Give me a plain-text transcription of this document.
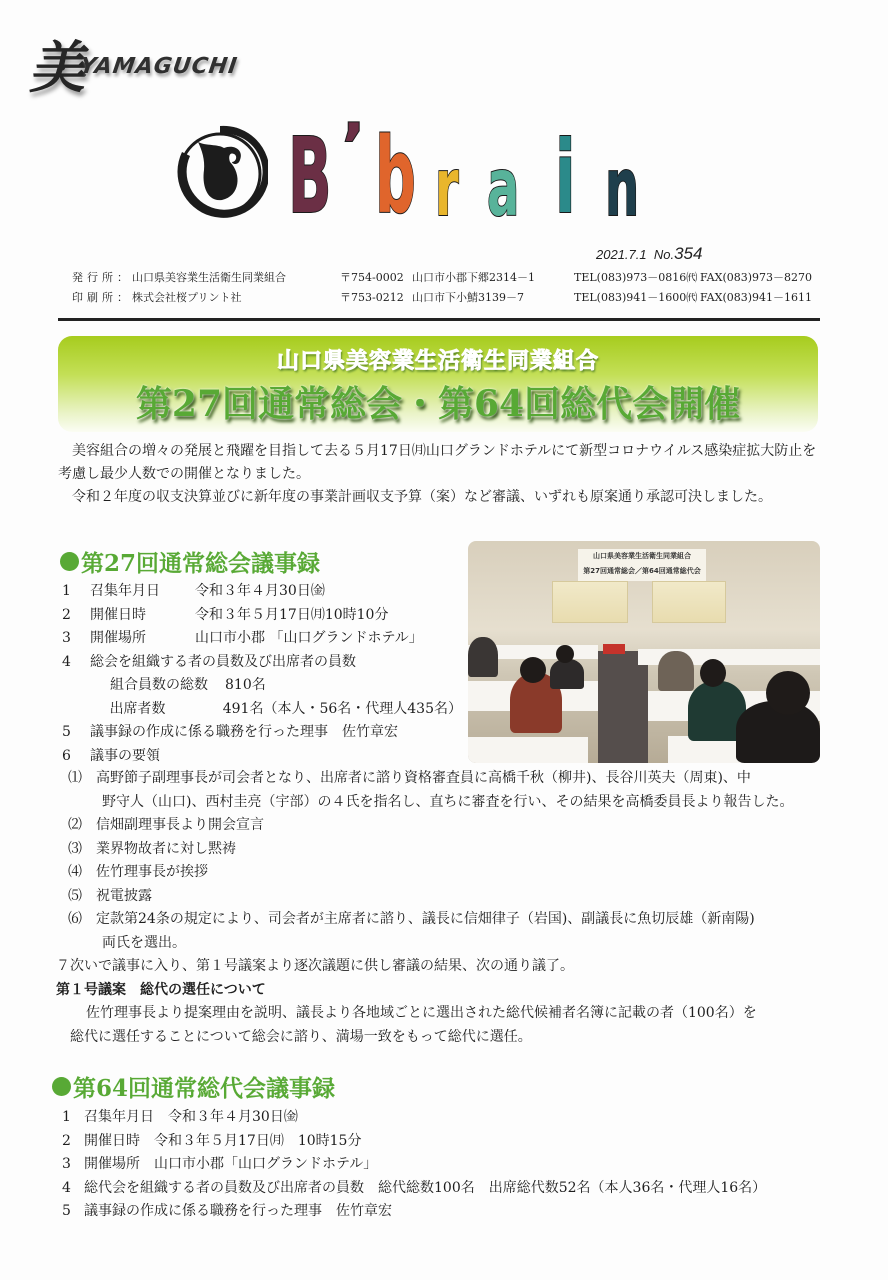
美
YAMAGUCHI
B ’ b r a i n
2021.7.1 No.354
発行所： 山口県美容業生活衛生同業組合	〒754-0002 山口市小郡下郷2314－1	TEL(083)973－0816㈹ FAX(083)973－8270
印刷所： 株式会社桜プリント社	〒753-0212 山口市下小鯖3139－7	TEL(083)941－1600㈹ FAX(083)941－1611
山口県美容業生活衛生同業組合
第27回通常総会・第64回総代会開催

美容組合の増々の発展と飛躍を目指して去る５月17日㈪山口グランドホテルにて新型コロナウイルス感染症拡大防止を考慮し最少人数での開催となりました。

令和２年度の収支決算並びに新年度の事業計画収支予算（案）など審議、いずれも原案通り承認可決しました。

第27回通常総会議事録	山口県美容業生活衛生同業組合
第27回通常総会／第64回通常総代会
1	召集年月日	令和３年４月30日㈮
2	開催日時	令和３年５月17日㈪10時10分
3	開催場所	山口市小郡 「山口グランドホテル」
4	総会を組織する者の員数及び出席者の員数
組合員数の総数	810名
出席者数	491名（本人・56名・代理人435名）
5	議事録の作成に係る職務を行った理事 佐竹章宏
6	議事の要領
⑴	高野節子副理事長が司会者となり、出席者に諮り資格審査員に高橋千秋（柳井)、長谷川英夫（周東)、中
野守人（山口)、西村圭亮（宇部）の４氏を指名し、直ちに審査を行い、その結果を高橋委員長より報告した。
⑵	信畑副理事長より開会宣言
⑶	業界物故者に対し黙祷
⑷	佐竹理事長が挨拶
⑸	祝電披露
⑹	定款第24条の規定により、司会者が主席者に諮り、議長に信畑律子（岩国)、副議長に魚切辰雄（新南陽)
両氏を選出。
７次いで議事に入り、第１号議案より逐次議題に供し審議の結果、次の通り議了。
第１号議案　総代の選任について
佐竹理事長より提案理由を説明、議長より各地域ごとに選出された総代候補者名簿に記載の者（100名）を
総代に選任することについて総会に諮り、満場一致をもって総代に選任。
第64回通常総代会議事録
1 召集年月日 令和３年４月30日㈮
2 開催日時 令和３年５月17日㈪　10時15分
3 開催場所 山口市小郡「山口グランドホテル」
4 総代会を組織する者の員数及び出席者の員数 総代総数100名　出席総代数52名（本人36名・代理人16名）
5 議事録の作成に係る職務を行った理事 佐竹章宏
